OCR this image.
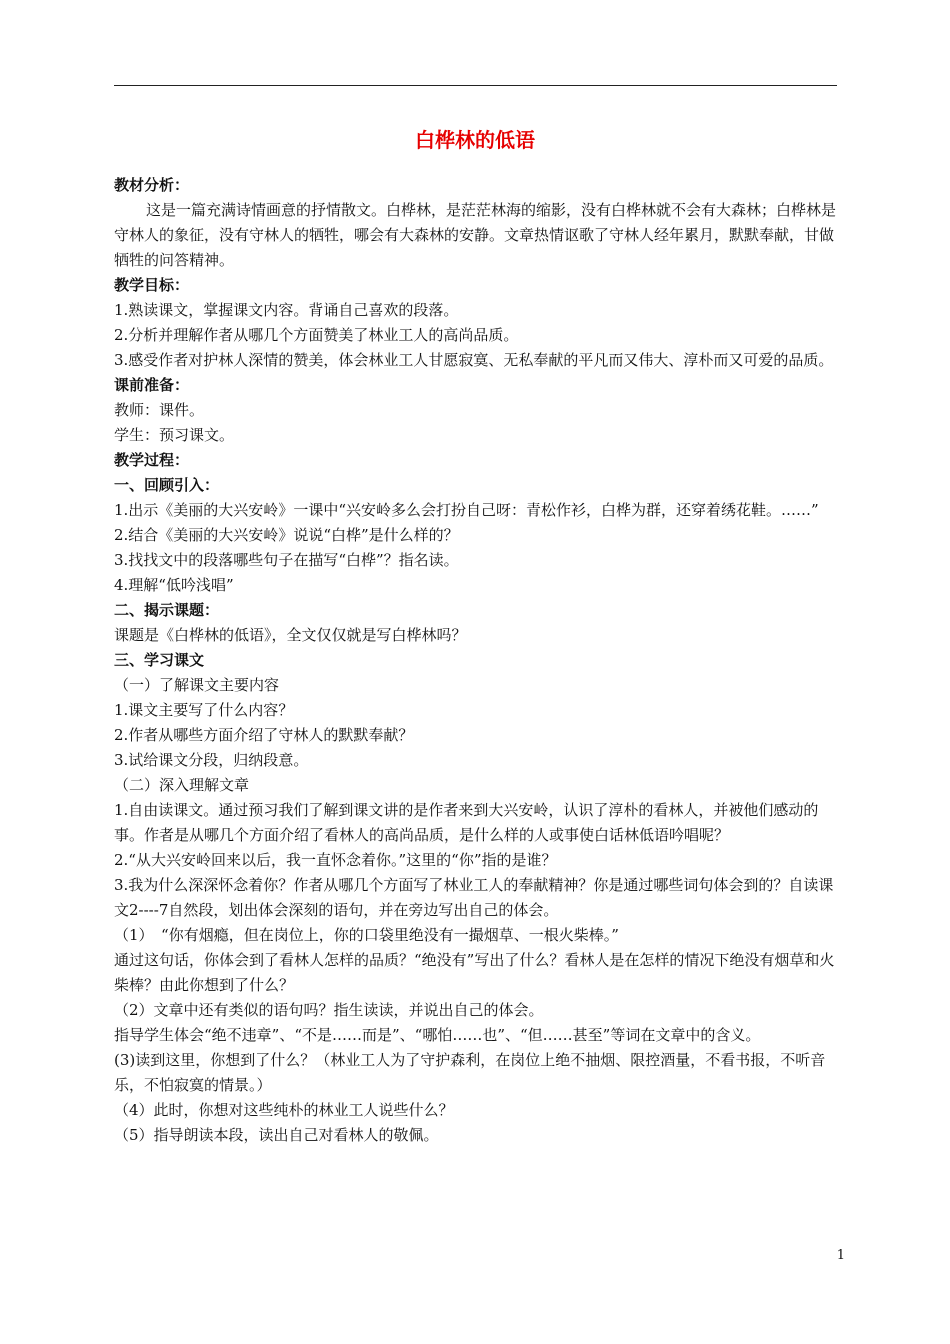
白桦林的低语

教材分析：

这是一篇充满诗情画意的抒情散文。白桦林，是茫茫林海的缩影，没有白桦林就不会有大森林；白桦林是守林人的象征，没有守林人的牺牲，哪会有大森林的安静。文章热情讴歌了守林人经年累月，默默奉献，甘做牺牲的问答精神。

教学目标：

1.熟读课文，掌握课文内容。背诵自己喜欢的段落。

2.分析并理解作者从哪几个方面赞美了林业工人的高尚品质。

3.感受作者对护林人深情的赞美，体会林业工人甘愿寂寞、无私奉献的平凡而又伟大、淳朴而又可爱的品质。

课前准备：

教师：课件。

学生：预习课文。

教学过程：

一、回顾引入：

1.出示《美丽的大兴安岭》一课中“兴安岭多么会打扮自己呀：青松作衫，白桦为群，还穿着绣花鞋。……”

2.结合《美丽的大兴安岭》说说“白桦”是什么样的？

3.找找文中的段落哪些句子在描写“白桦”？指名读。

4.理解“低吟浅唱”

二、揭示课题：

课题是《白桦林的低语》，全文仅仅就是写白桦林吗？

三、学习课文

（一）了解课文主要内容

1.课文主要写了什么内容？

2.作者从哪些方面介绍了守林人的默默奉献？

3.试给课文分段，归纳段意。

（二）深入理解文章

1.自由读课文。通过预习我们了解到课文讲的是作者来到大兴安岭，认识了淳朴的看林人，并被他们感动的事。作者是从哪几个方面介绍了看林人的高尚品质，是什么样的人或事使白话林低语吟唱呢？

2.“从大兴安岭回来以后，我一直怀念着你。”这里的“你”指的是谁？

3.我为什么深深怀念着你？作者从哪几个方面写了林业工人的奉献精神？你是通过哪些词句体会到的？自读课文2----7自然段，划出体会深刻的语句，并在旁边写出自己的体会。

（1）　“你有烟瘾，但在岗位上，你的口袋里绝没有一撮烟草、一根火柴棒。”

通过这句话，你体会到了看林人怎样的品质？“绝没有”写出了什么？看林人是在怎样的情况下绝没有烟草和火柴棒？由此你想到了什么？

（2）文章中还有类似的语句吗？指生读读，并说出自己的体会。

指导学生体会“绝不违章”、“不是……而是”、“哪怕……也”、“但……甚至”等词在文章中的含义。

(3)读到这里，你想到了什么？（林业工人为了守护森利，在岗位上绝不抽烟、限控酒量，不看书报，不听音乐，不怕寂寞的情景。）

（4）此时，你想对这些纯朴的林业工人说些什么？

（5）指导朗读本段，读出自己对看林人的敬佩。

1
